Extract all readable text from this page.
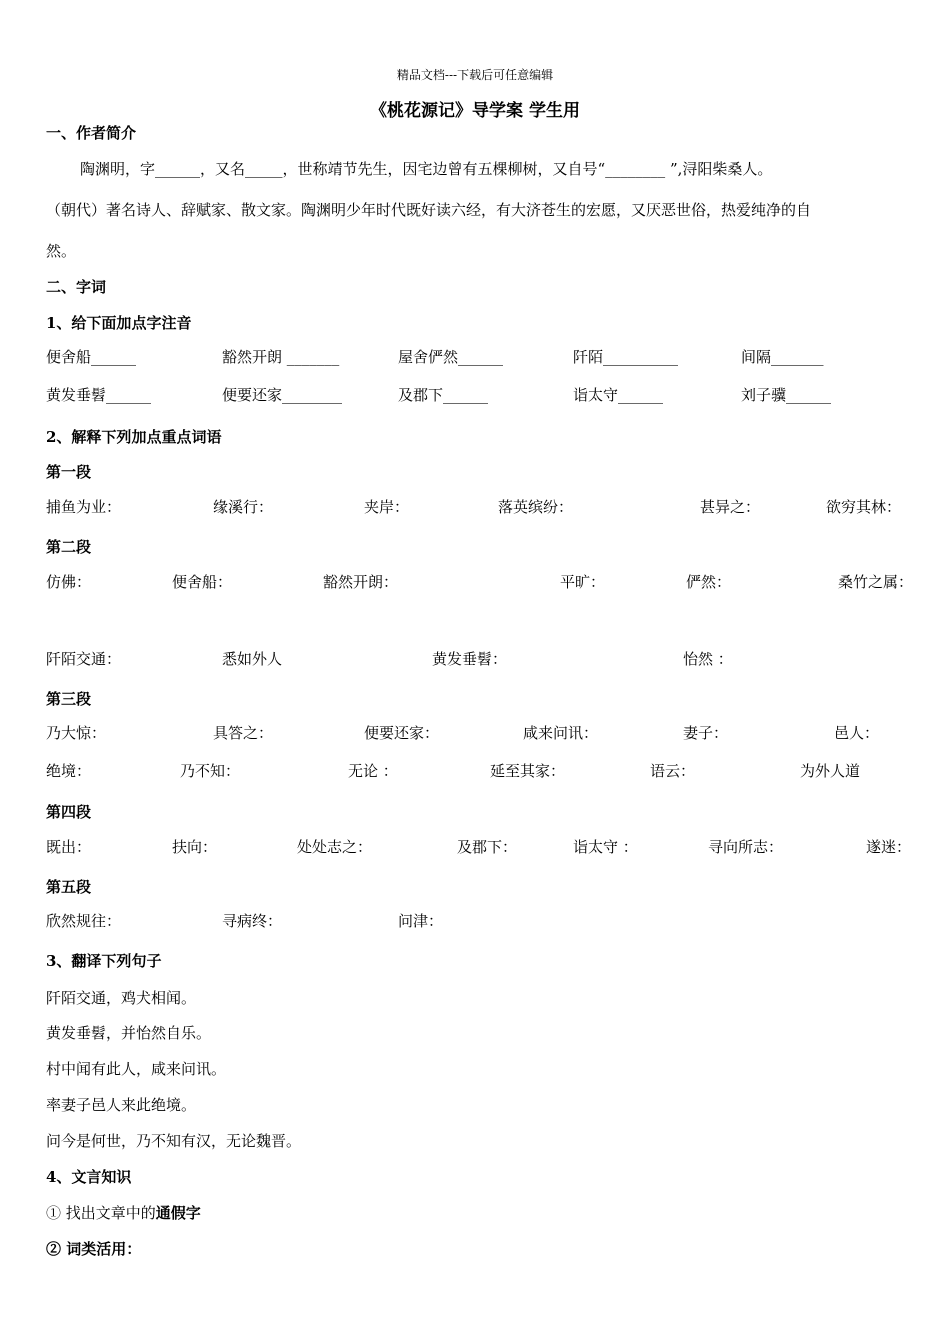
精品文档---下载后可任意编辑
《桃花源记》导学案 学生用
一、作者简介
陶渊明，字______，又名_____，世称靖节先生，因宅边曾有五棵柳树，又自号“________ ”,浔阳柴桑人。
（朝代）著名诗人、辞赋家、散文家。陶渊明少年时代既好读六经，有大济苍生的宏愿，又厌恶世俗，热爱纯净的自
然。
二、字词
1、给下面加点字注音
便舍船______	豁然开朗 _______	屋舍俨然______	阡陌__________	间隔_______
黄发垂髫______	便要还家________	及郡下______	诣太守______	刘子骥______
2、解释下列加点重点词语
第一段
捕鱼为业：	缘溪行：	夹岸：	落英缤纷：	甚异之：	欲穷其林：
第二段
仿佛：	便舍船：	豁然开朗：	平旷：	俨然：	桑竹之属：
阡陌交通：	悉如外人	黄发垂髫：	怡然 ：
第三段
乃大惊：	具答之：	便要还家：	咸来问讯：	妻子：	邑人：
绝境：	乃不知：	无论 ：	延至其家：	语云：	为外人道
第四段
既出：	扶向：	处处志之：	及郡下：	诣太守 ：	寻向所志：	遂迷：
第五段
欣然规往：	寻病终：	问津：
3、翻译下列句子
阡陌交通，鸡犬相闻。
黄发垂髫，并怡然自乐。
村中闻有此人，咸来问讯。
率妻子邑人来此绝境。
问今是何世，乃不知有汉，无论魏晋。
4、文言知识
① 找出文章中的通假字
② 词类活用：
